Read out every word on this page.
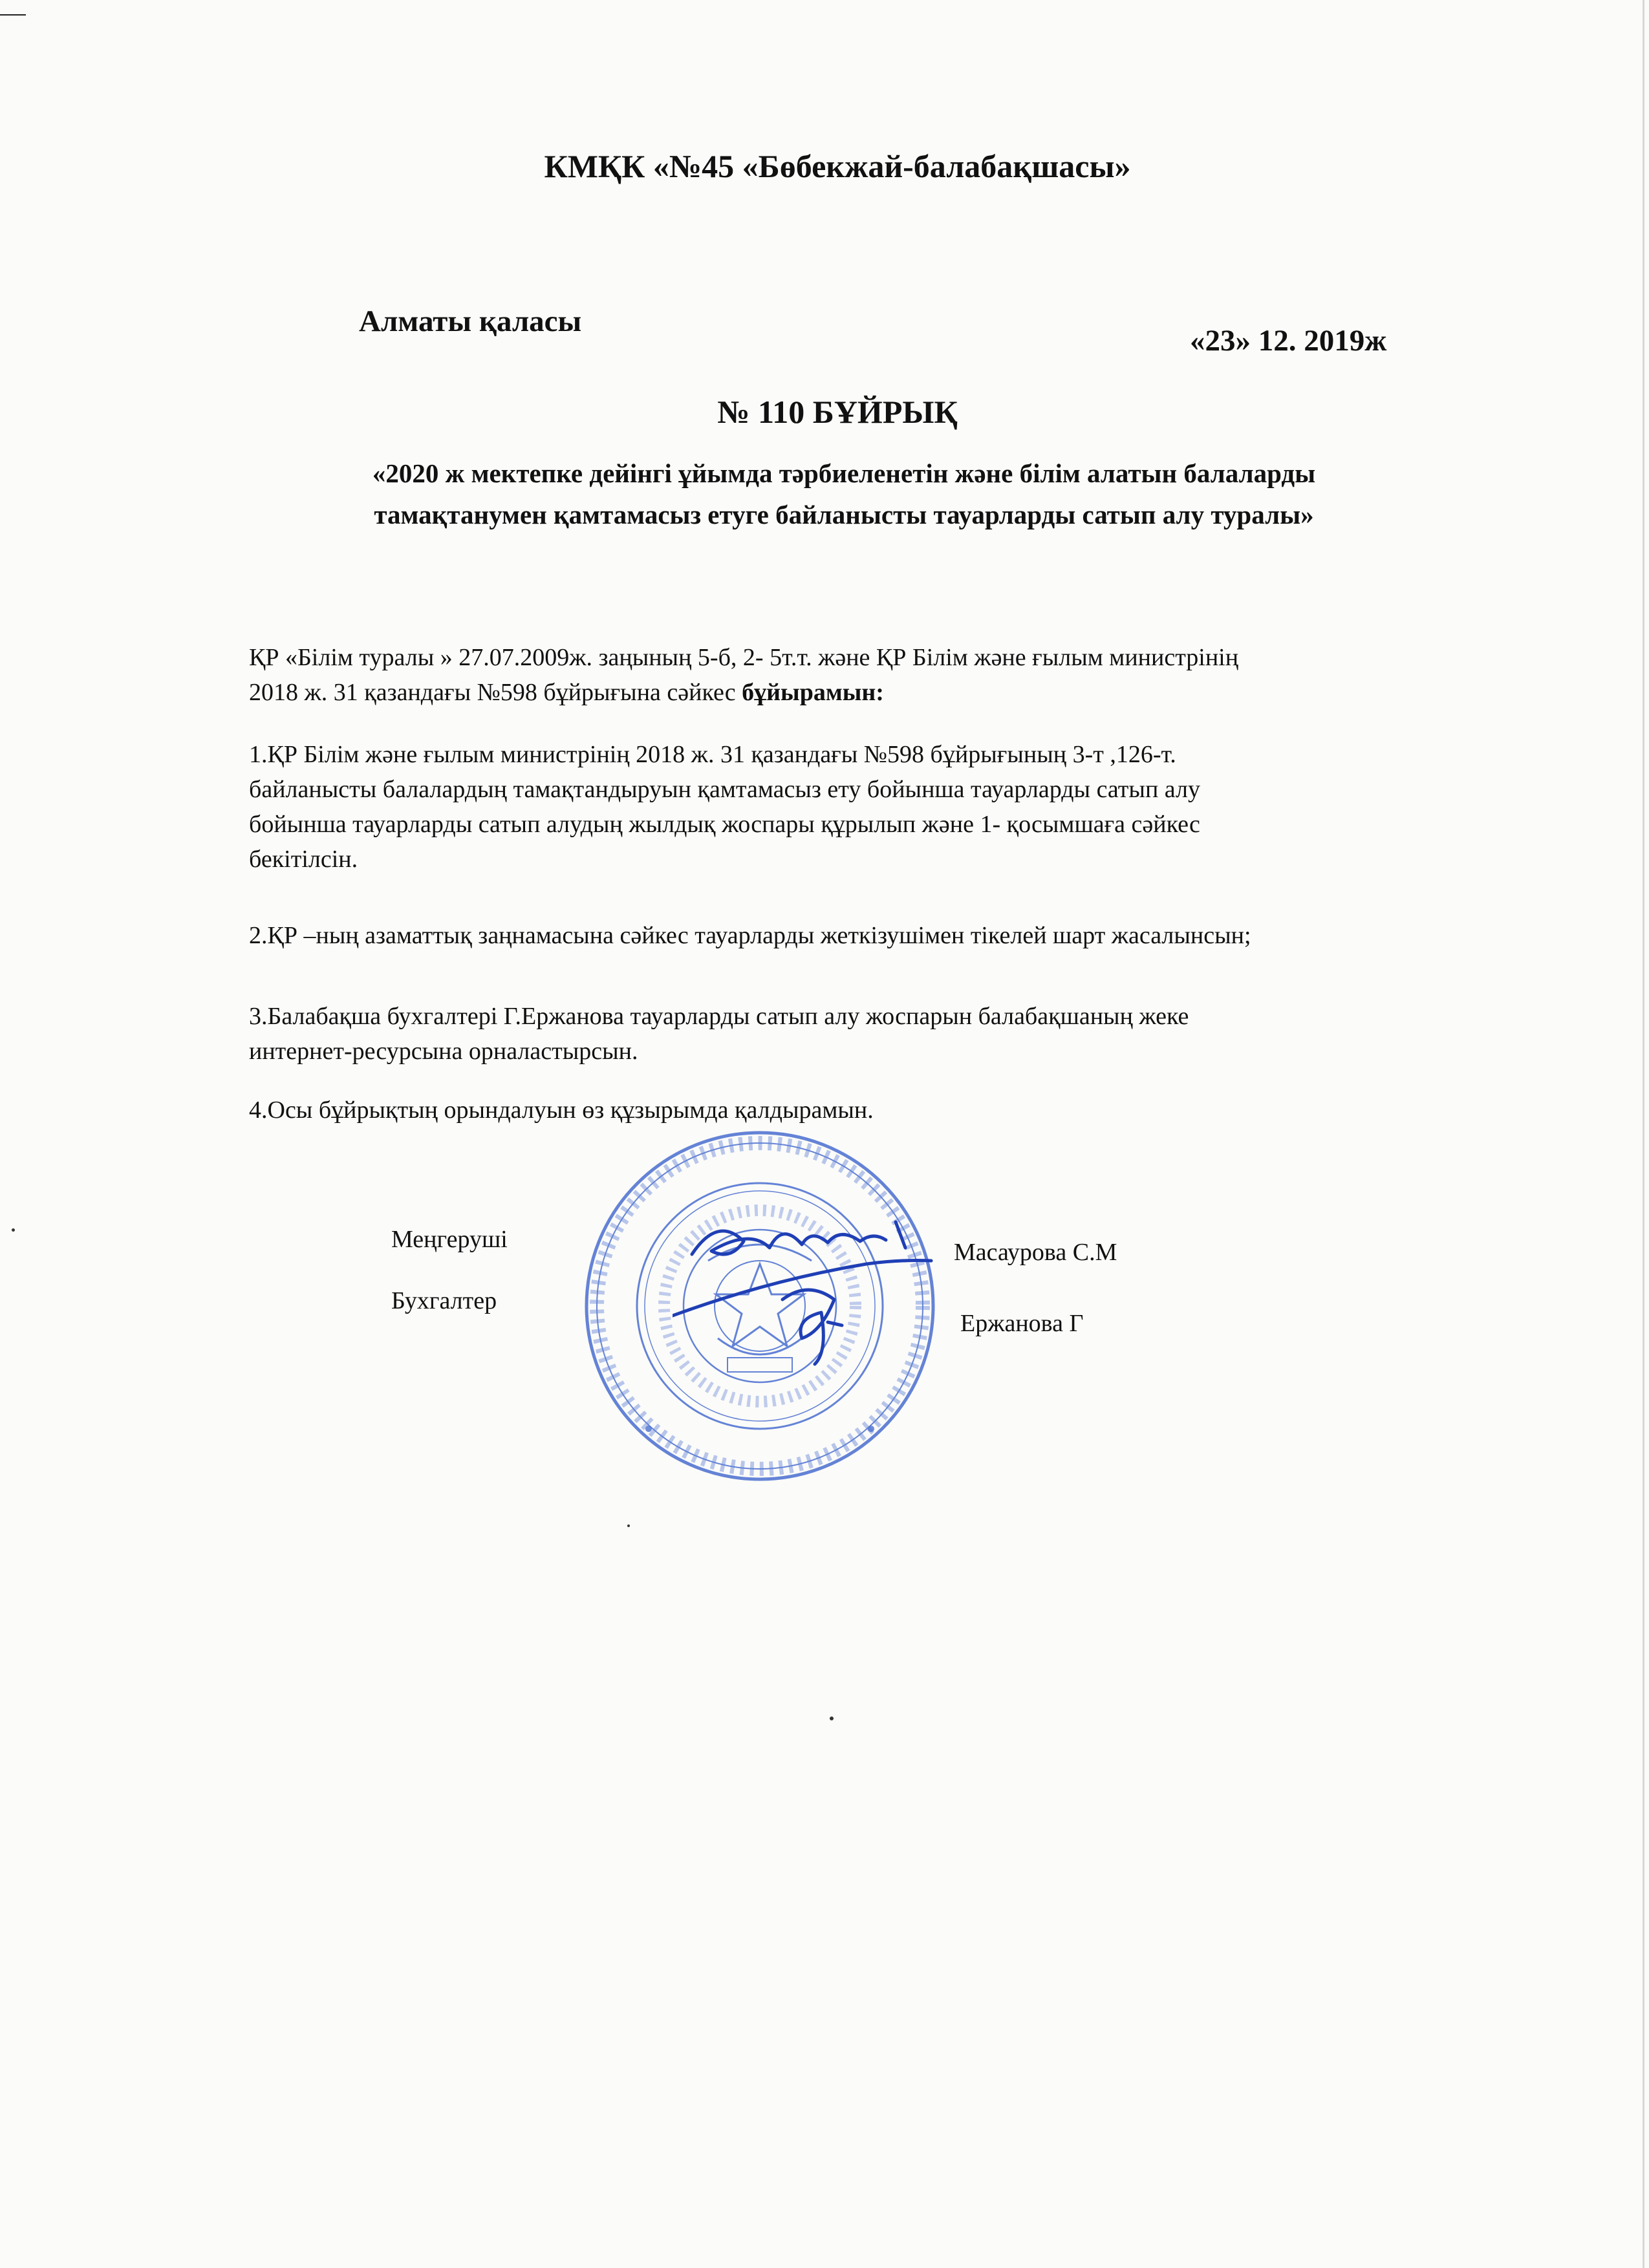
КМҚК «№45 «Бөбекжай-балабақшасы»
Алматы қаласы
«23» 12. 2019ж
№ 110 БҰЙРЫҚ
«2020 ж мектепке дейінгі ұйымда тәрбиеленетін және білім алатын балаларды
тамақтанумен қамтамасыз етуге байланысты тауарларды сатып алу туралы»
ҚР «Білім туралы » 27.07.2009ж. заңының 5-б, 2- 5т.т. және ҚР Білім және ғылым министрінің
2018 ж. 31 қазандағы №598 бұйрығына сәйкес бұйырамын:
1.ҚР Білім және ғылым министрінің 2018 ж. 31 қазандағы №598 бұйрығының 3-т ,126-т.
байланысты балалардың тамақтандыруын қамтамасыз ету бойынша тауарларды сатып алу
бойынша тауарларды сатып алудың жылдық жоспары құрылып және 1- қосымшаға сәйкес
бекітілсін.
2.ҚР –ның азаматтық заңнамасына сәйкес тауарларды жеткізушімен тікелей шарт жасалынсын;
3.Балабақша бухгалтері Г.Ержанова тауарларды сатып алу жоспарын балабақшаның жеке
интернет-ресурсына орналастырсын.
4.Осы бұйрықтың орындалуын өз құзырымда қалдырамын.
Меңгеруші
Бухгалтер
Масаурова С.М
Ержанова Г
